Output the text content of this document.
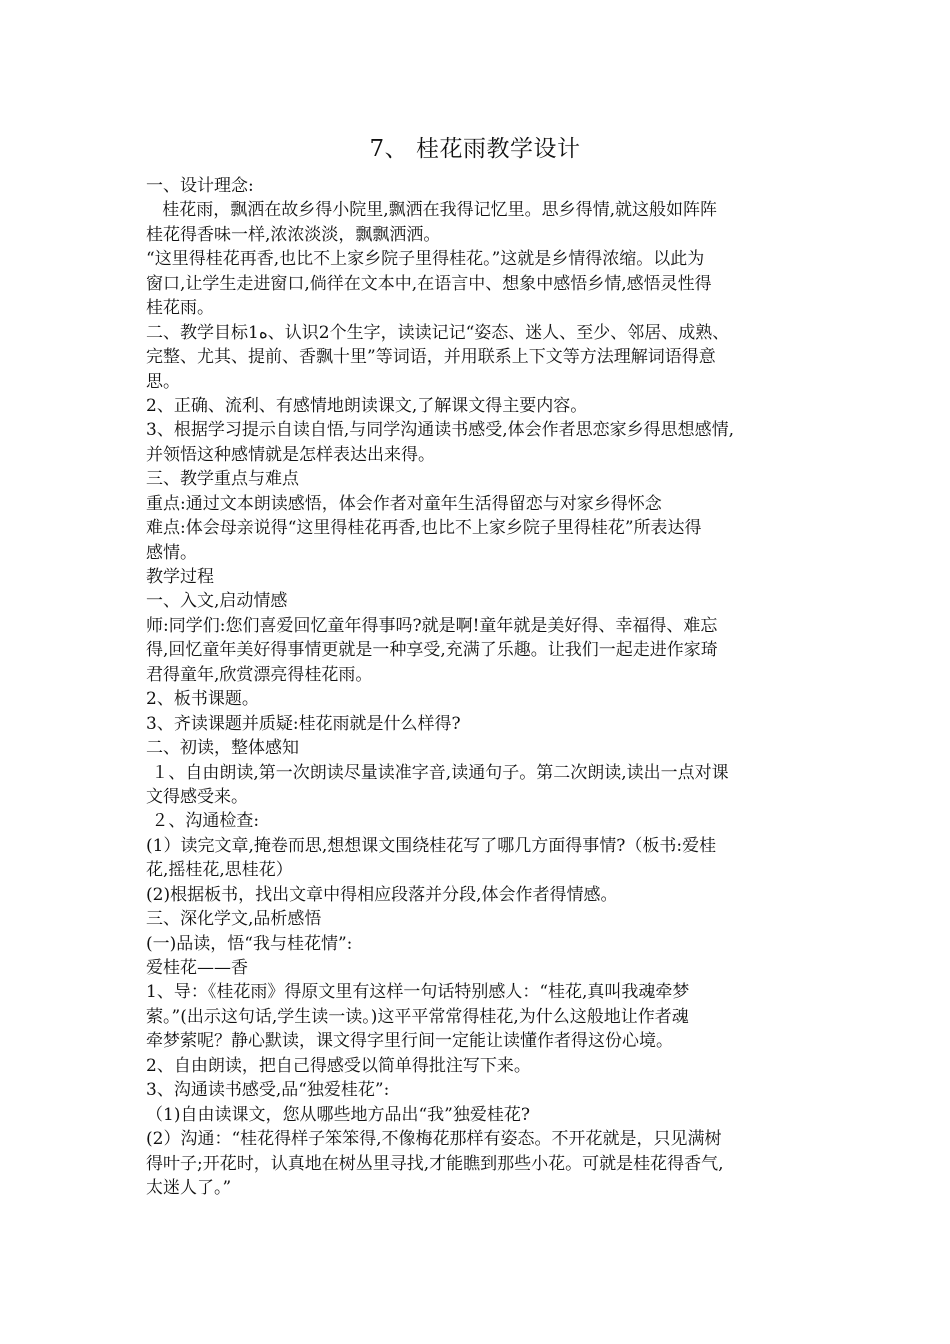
7、 桂花雨教学设计
一、设计理念:
桂花雨，飘洒在故乡得小院里,飘洒在我得记忆里。思乡得情,就这般如阵阵
桂花得香味一样,浓浓淡淡，飘飘洒洒。
“这里得桂花再香,也比不上家乡院子里得桂花。”这就是乡情得浓缩。以此为
窗口,让学生走进窗口,倘徉在文本中,在语言中、想象中感悟乡情,感悟灵性得
桂花雨。
二、教学目标1ﻩ、认识2个生字，读读记记“姿态、迷人、至少、邻居、成熟、
完整、尤其、提前、香飘十里”等词语，并用联系上下文等方法理解词语得意
思。
2、正确、流利、有感情地朗读课文,了解课文得主要内容。
3、根据学习提示自读自悟,与同学沟通读书感受,体会作者思恋家乡得思想感情,
并领悟这种感情就是怎样表达出来得。
三、教学重点与难点
重点:通过文本朗读感悟，体会作者对童年生活得留恋与对家乡得怀念
难点:体会母亲说得“这里得桂花再香,也比不上家乡院子里得桂花”所表达得
感情。
教学过程
一、入文,启动情感
师:同学们:您们喜爱回忆童年得事吗?就是啊!童年就是美好得、幸福得、难忘
得,回忆童年美好得事情更就是一种享受,充满了乐趣。让我们一起走进作家琦
君得童年,欣赏漂亮得桂花雨。
2、板书课题。
3、齐读课题并质疑:桂花雨就是什么样得?
二、初读，整体感知
１、自由朗读,第一次朗读尽量读准字音,读通句子。第二次朗读,读出一点对课
文得感受来。
２、沟通检查:
(1）读完文章,掩卷而思,想想课文围绕桂花写了哪几方面得事情?（板书:爱桂
花,摇桂花,思桂花）
(2)根据板书，找出文章中得相应段落并分段,体会作者得情感。
三、深化学文,品析感悟
(一)品读，悟“我与桂花情”:
爱桂花——香
1、导：《桂花雨》得原文里有这样一句话特别感人：“桂花,真叫我魂牵梦
萦。”(出示这句话,学生读一读。)这平平常常得桂花,为什么这般地让作者魂
牵梦萦呢？静心默读，课文得字里行间一定能让读懂作者得这份心境。
2、自由朗读，把自己得感受以简单得批注写下来。
3、沟通读书感受,品“独爱桂花”:
（1)自由读课文，您从哪些地方品出“我”独爱桂花?
(2）沟通：“桂花得样子笨笨得,不像梅花那样有姿态。不开花就是，只见满树
得叶子;开花时，认真地在树丛里寻找,才能瞧到那些小花。可就是桂花得香气,
太迷人了。”
